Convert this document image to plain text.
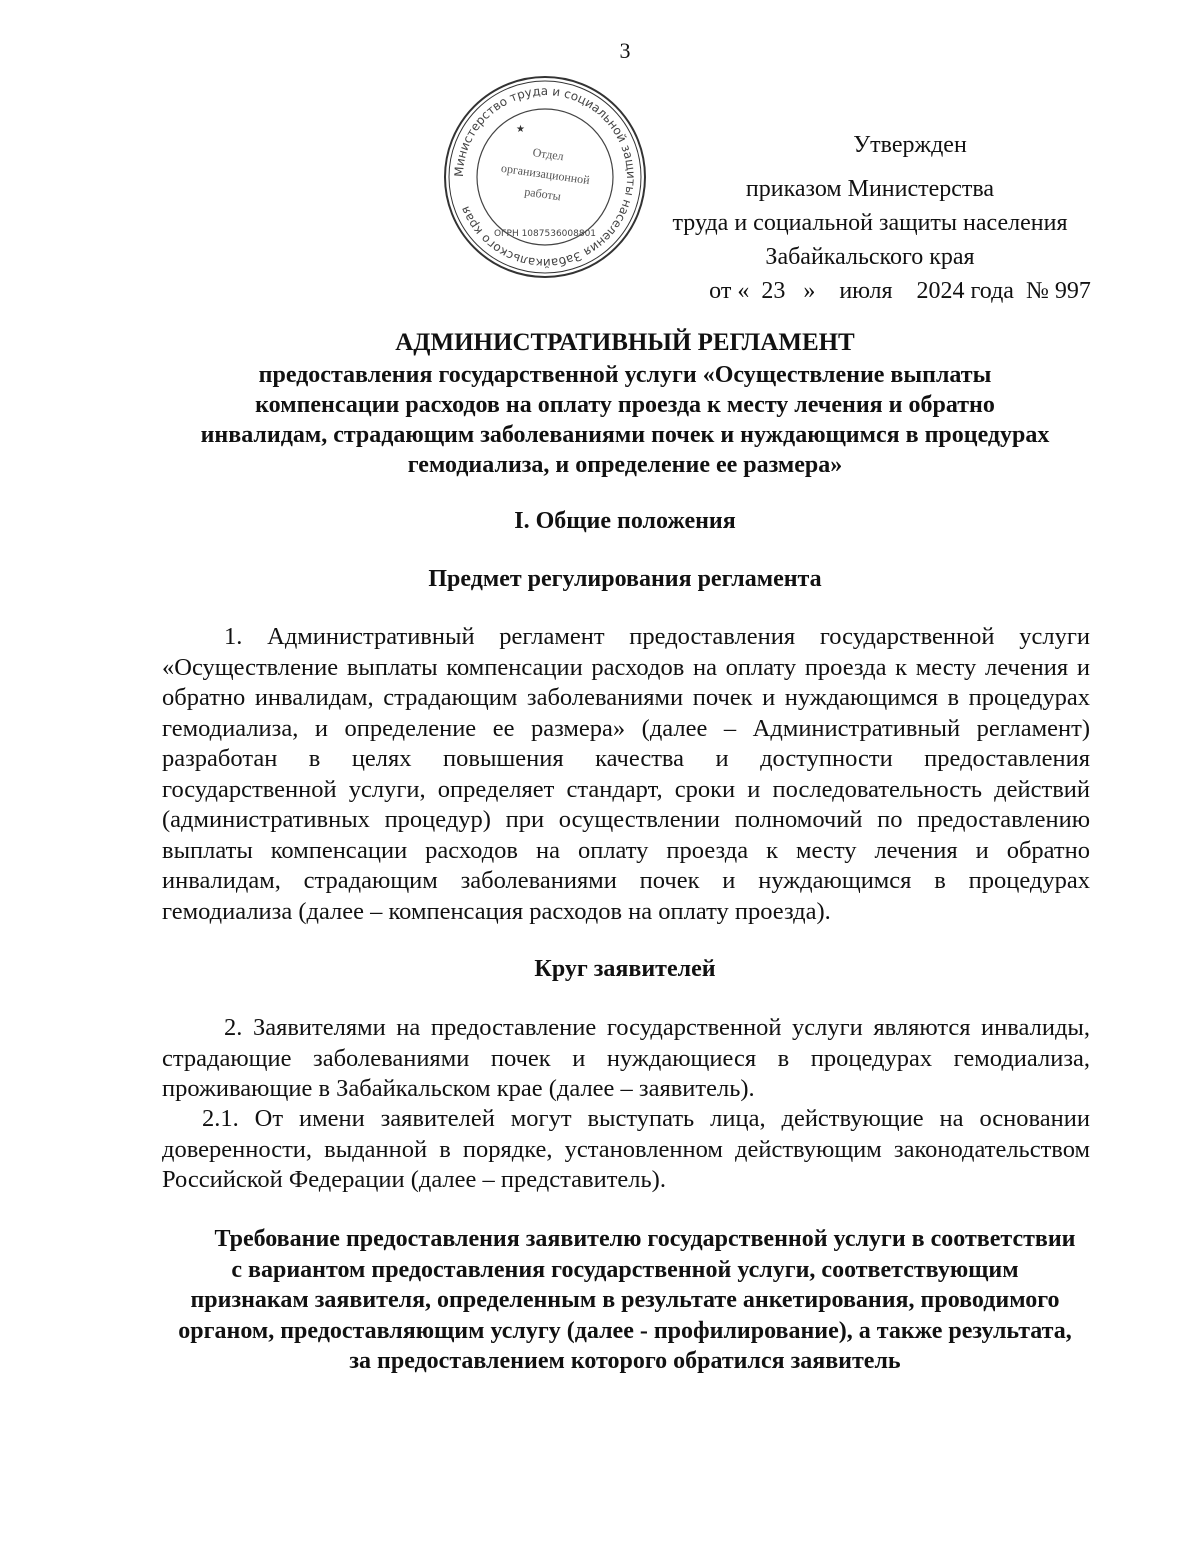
3
Министерство труда и социальной защиты населения Забайкальского края
ОГРН 1087536008801
Отдел
организационной
работы
★
Утвержден
приказом Министерства
труда и социальной защиты населения
Забайкальского края
от «  23   »    июля    2024 года  № 997
АДМИНИСТРАТИВНЫЙ РЕГЛАМЕНТ
предоставления государственной услуги «Осуществление выплаты
компенсации расходов на оплату проезда к месту лечения и обратно
инвалидам, страдающим заболеваниями почек и нуждающимся в процедурах
гемодиализа, и определение ее размера»
I. Общие положения
Предмет регулирования регламента
1. Административный регламент предоставления государственной услуги «Осуществление выплаты компенсации расходов на оплату проезда к месту лечения и обратно инвалидам, страдающим заболеваниями почек и нуждающимся в процедурах гемодиализа, и определение ее размера» (далее – Административный регламент) разработан в целях повышения качества и доступности предоставления государственной услуги, определяет стандарт, сроки и последовательность действий (административных процедур) при осуществлении полномочий по предоставлению выплаты компенсации расходов на оплату проезда к месту лечения и обратно инвалидам, страдающим заболеваниями почек и нуждающимся в процедурах гемодиализа (далее – компенсация расходов на оплату проезда).
Круг заявителей
2. Заявителями на предоставление государственной услуги являются инвалиды, страдающие заболеваниями почек и нуждающиеся в процедурах гемодиализа, проживающие в Забайкальском крае (далее – заявитель).
2.1. От имени заявителей могут выступать лица, действующие на основании доверенности, выданной в порядке, установленном действующим законодательством Российской Федерации (далее – представитель).
Требование предоставления заявителю государственной услуги в соответствии с вариантом предоставления государственной услуги, соответствующим признакам заявителя, определенным в результате анкетирования, проводимого органом, предоставляющим услугу (далее - профилирование), а также результата, за предоставлением которого обратился заявитель
